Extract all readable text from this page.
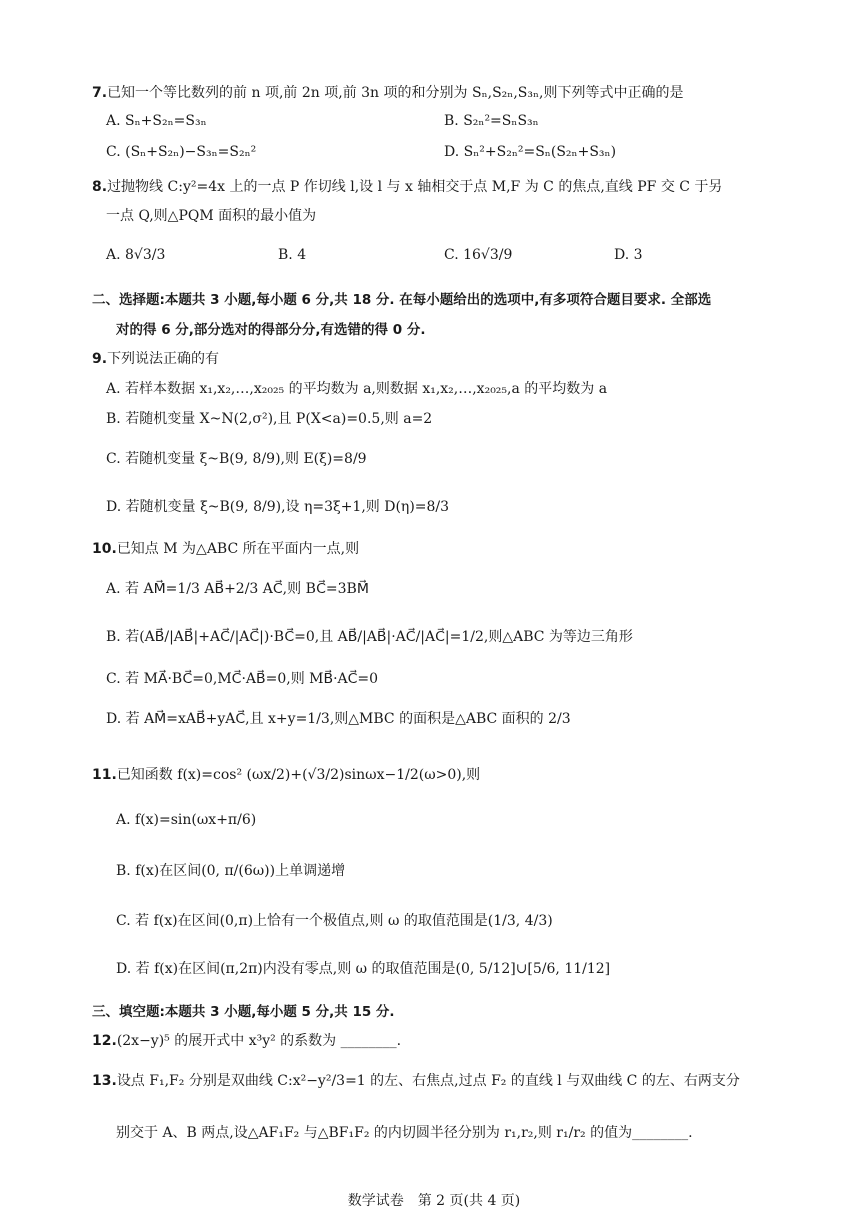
7.已知一个等比数列的前 n 项,前 2n 项,前 3n 项的和分别为 Sₙ,S₂ₙ,S₃ₙ,则下列等式中正确的是
A. Sₙ+S₂ₙ=S₃ₙ	B. S₂ₙ²=SₙS₃ₙ
C. (Sₙ+S₂ₙ)−S₃ₙ=S₂ₙ²	D. Sₙ²+S₂ₙ²=Sₙ(S₂ₙ+S₃ₙ)
8.过抛物线 C:y²=4x 上的一点 P 作切线 l,设 l 与 x 轴相交于点 M,F 为 C 的焦点,直线 PF 交 C 于另
一点 Q,则△PQM 面积的最小值为
A. 8√3/3	B. 4	C. 16√3/9	D. 3
二、选择题:本题共 3 小题,每小题 6 分,共 18 分. 在每小题给出的选项中,有多项符合题目要求. 全部选
对的得 6 分,部分选对的得部分分,有选错的得 0 分.
9.下列说法正确的有
A. 若样本数据 x₁,x₂,…,x₂₀₂₅ 的平均数为 a,则数据 x₁,x₂,…,x₂₀₂₅,a 的平均数为 a
B. 若随机变量 X~N(2,σ²),且 P(X<a)=0.5,则 a=2
C. 若随机变量 ξ~B(9, 8/9),则 E(ξ)=8/9
D. 若随机变量 ξ~B(9, 8/9),设 η=3ξ+1,则 D(η)=8/3
10.已知点 M 为△ABC 所在平面内一点,则
A. 若 AM⃗=1/3 AB⃗+2/3 AC⃗,则 BC⃗=3BM⃗
B. 若(AB⃗/|AB⃗|+AC⃗/|AC⃗|)·BC⃗=0,且 AB⃗/|AB⃗|·AC⃗/|AC⃗|=1/2,则△ABC 为等边三角形
C. 若 MA⃗·BC⃗=0,MC⃗·AB⃗=0,则 MB⃗·AC⃗=0
D. 若 AM⃗=xAB⃗+yAC⃗,且 x+y=1/3,则△MBC 的面积是△ABC 面积的 2/3
11.已知函数 f(x)=cos² (ωx/2)+(√3/2)sinωx−1/2(ω>0),则
A. f(x)=sin(ωx+π/6)
B. f(x)在区间(0, π/(6ω))上单调递增
C. 若 f(x)在区间(0,π)上恰有一个极值点,则 ω 的取值范围是(1/3, 4/3)
D. 若 f(x)在区间(π,2π)内没有零点,则 ω 的取值范围是(0, 5/12]∪[5/6, 11/12]
三、填空题:本题共 3 小题,每小题 5 分,共 15 分.
12.(2x−y)⁵ 的展开式中 x³y² 的系数为 ________.
13.设点 F₁,F₂ 分别是双曲线 C:x²−y²/3=1 的左、右焦点,过点 F₂ 的直线 l 与双曲线 C 的左、右两支分
别交于 A、B 两点,设△AF₁F₂ 与△BF₁F₂ 的内切圆半径分别为 r₁,r₂,则 r₁/r₂ 的值为________.
数学试卷　第 2 页(共 4 页)
